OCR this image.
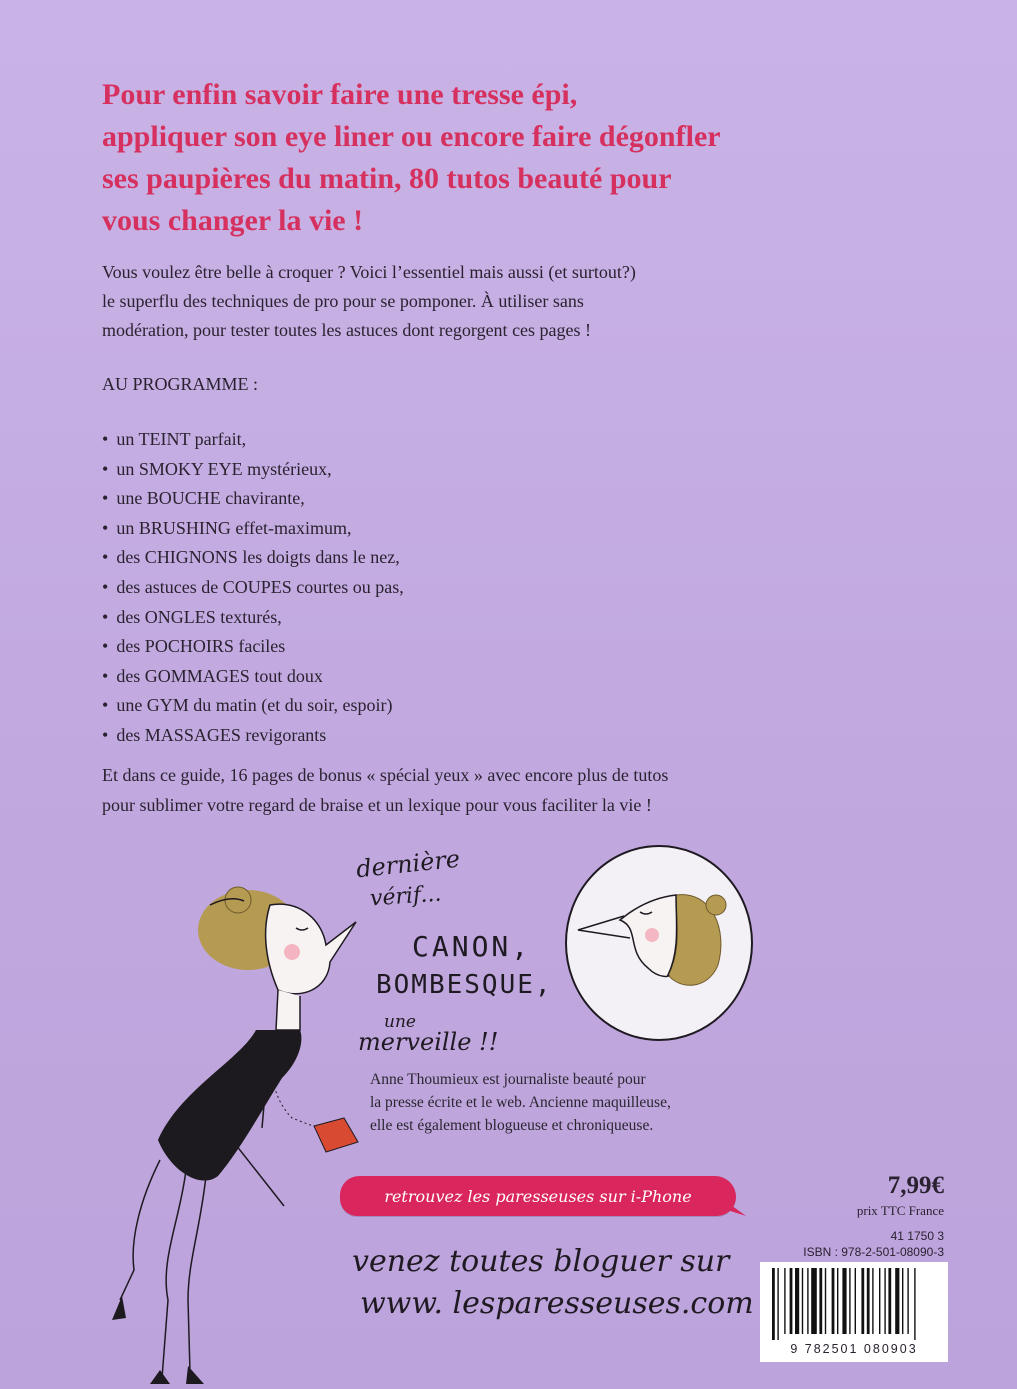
Pour enfin savoir faire une tresse épi,
appliquer son eye liner ou encore faire dégonfler
ses paupières du matin, 80 tutos beauté pour
vous changer la vie !

Vous voulez être belle à croquer ? Voici l’essentiel mais aussi (et surtout?)
le superflu des techniques de pro pour se pomponer. À utiliser sans
modération, pour tester toutes les astuces dont regorgent ces pages !

AU PROGRAMME :

• un TEINT parfait,
• un SMOKY EYE mystérieux,
• une BOUCHE chavirante,
• un BRUSHING effet-maximum,
• des CHIGNONS les doigts dans le nez,
• des astuces de COUPES courtes ou pas,
• des ONGLES texturés,
• des POCHOIRS faciles
• des GOMMAGES tout doux
• une GYM du matin (et du soir, espoir)
• des MASSAGES revigorants

Et dans ce guide, 16 pages de bonus « spécial yeux » avec encore plus de tutos
pour sublimer votre regard de braise et un lexique pour vous faciliter la vie !

dernière
vérif...
CANON,
BOMBESQUE,
une
merveille !!

Anne Thoumieux est journaliste beauté pour
la presse écrite et le web. Ancienne maquilleuse,
elle est également blogueuse et chroniqueuse.

retrouvez les paresseuses sur i-Phone
venez toutes bloguer sur
www. lesparesseuses.com

7,99€

prix TTC France

41 1750 3
ISBN : 978-2-501-08090-3
9 782501 080903
